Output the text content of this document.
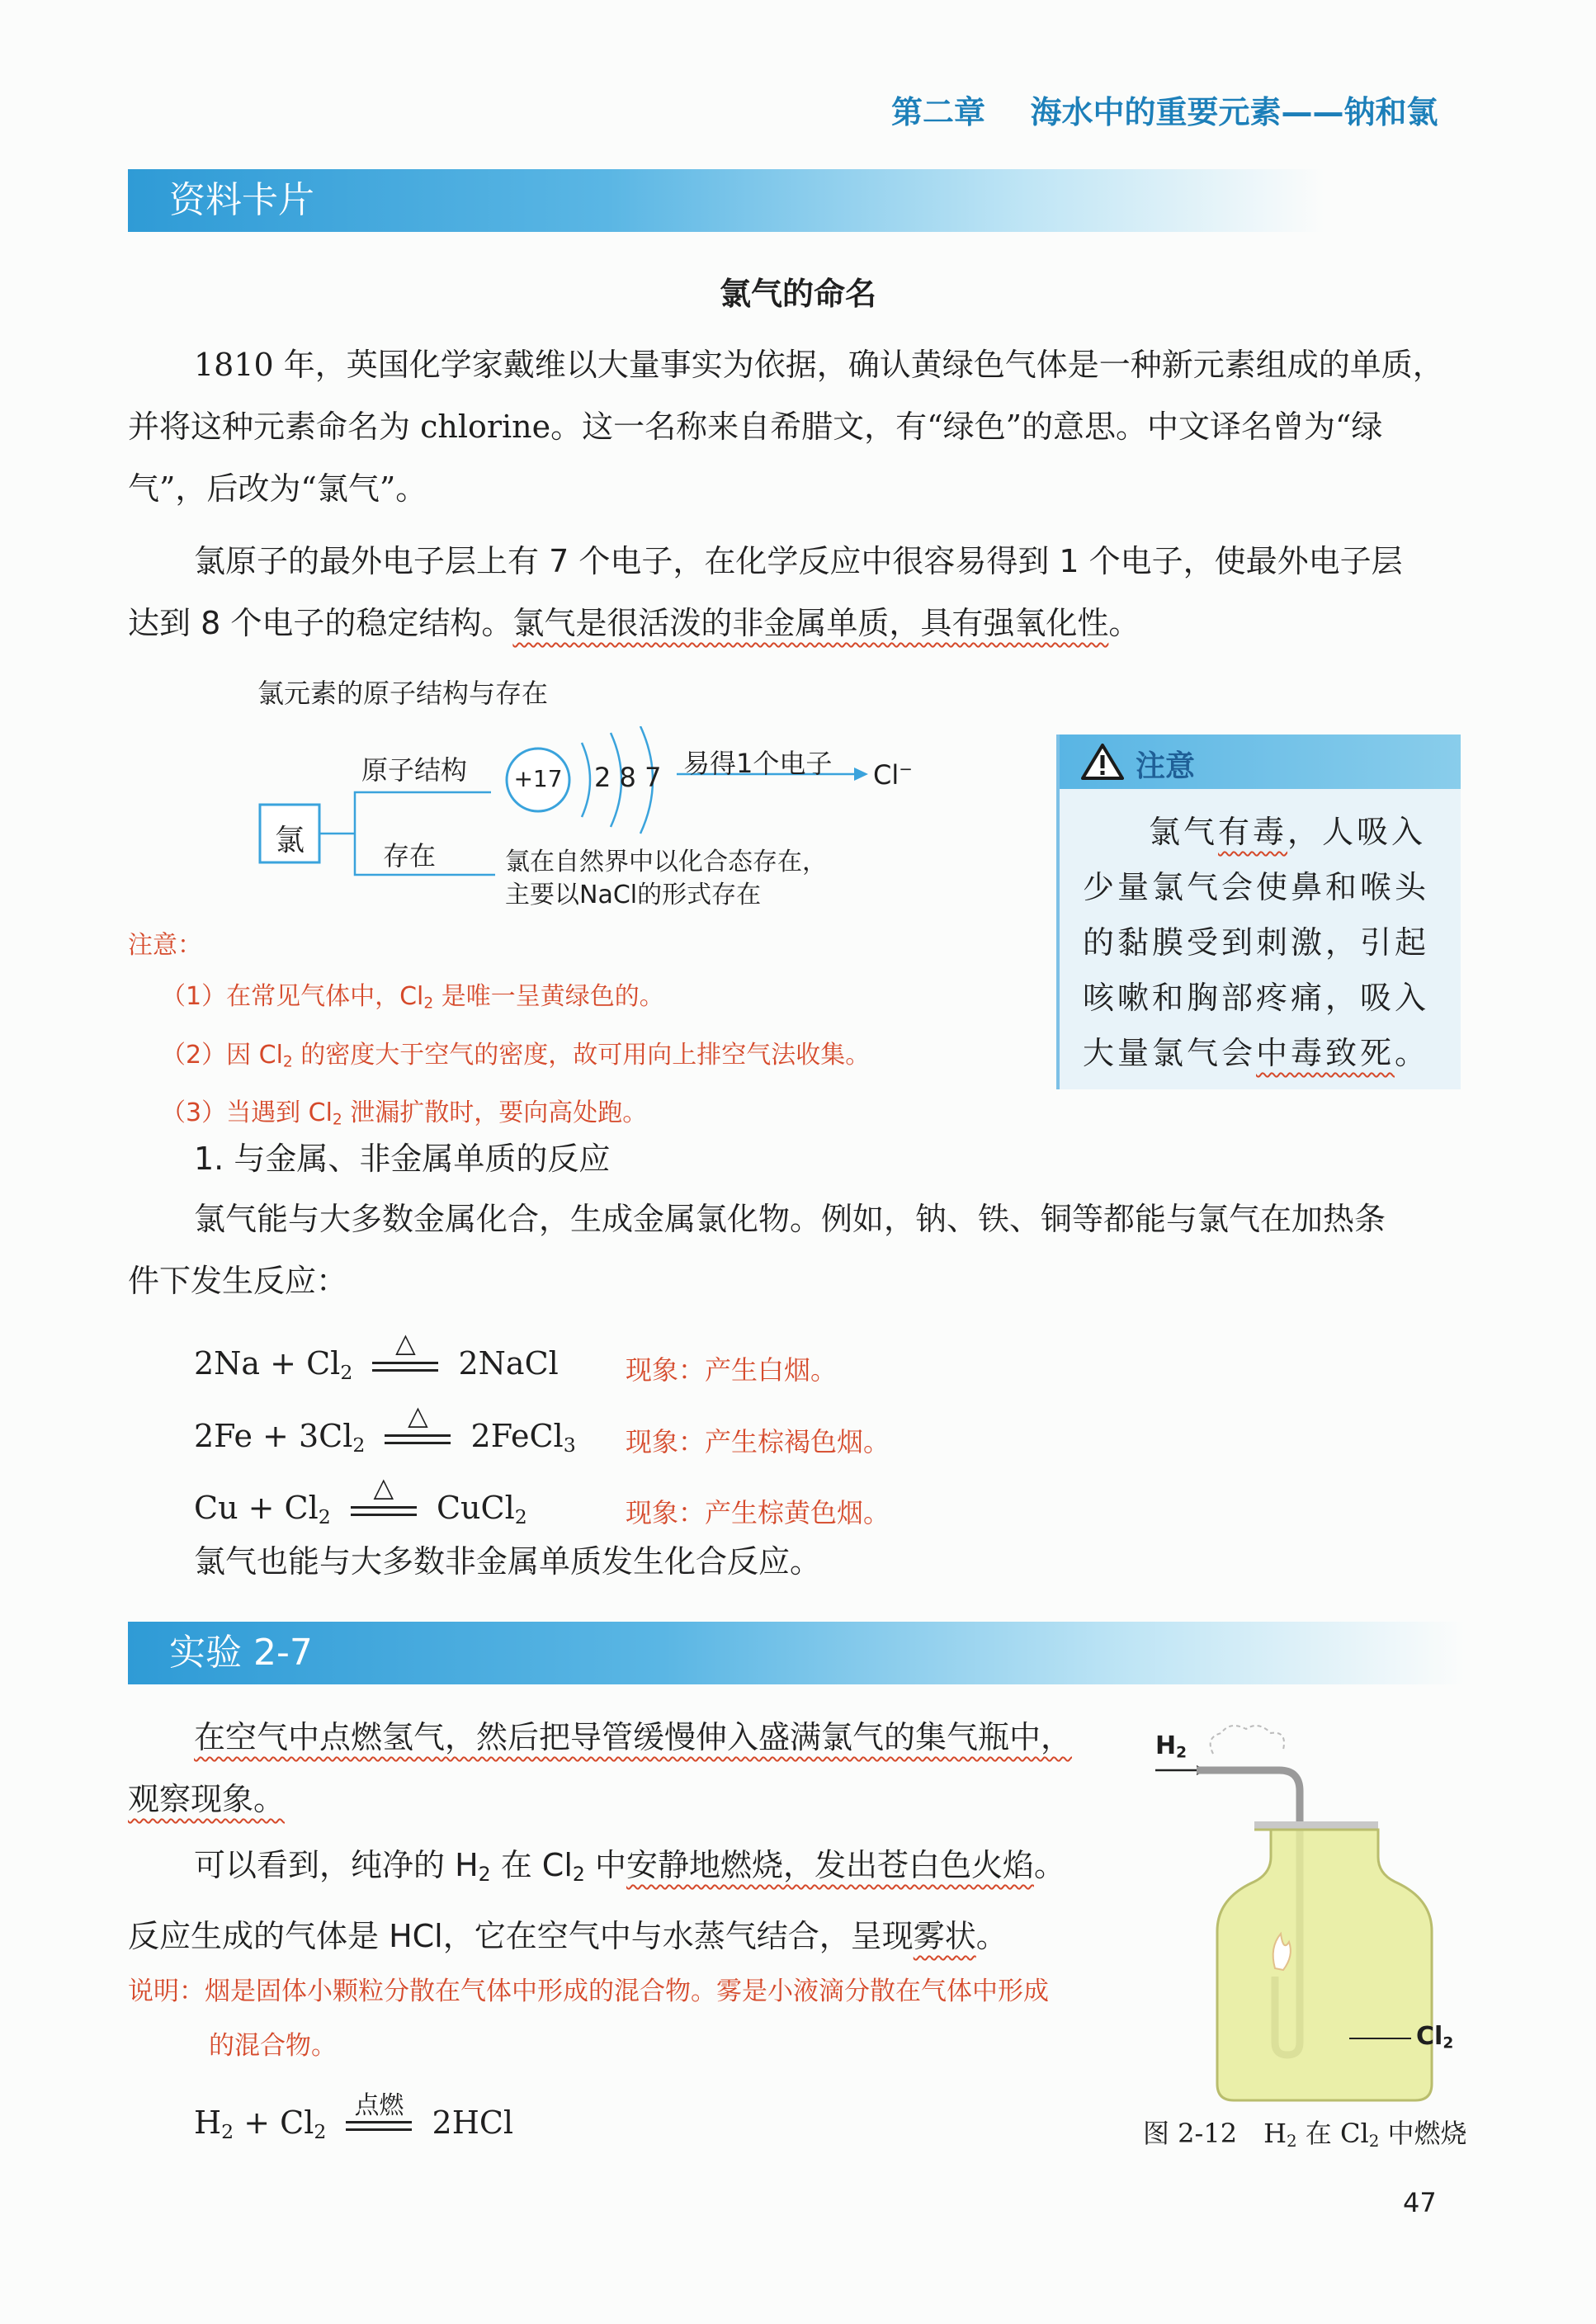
第二章 海水中的重要元素——钠和氯
资料卡片
氯气的命名
1810 年，英国化学家戴维以大量事实为依据，确认黄绿色气体是一种新元素组成的单质，
并将这种元素命名为 chlorine。这一名称来自希腊文，有“绿色”的意思。中文译名曾为“绿
气”，后改为“氯气”。
氯原子的最外电子层上有 7 个电子，在化学反应中很容易得到 1 个电子，使最外电子层
达到 8 个电子的稳定结构。氯气是很活泼的非金属单质，具有强氧化性。
氯元素的原子结构与存在
氯
原子结构
存在
+17	2 8 7 易得1个电子 Cl−
氯在自然界中以化合态存在，
主要以NaCl的形式存在
注意
氯气有毒，人吸入
少量氯气会使鼻和喉头
的黏膜受到刺激，引起
咳嗽和胸部疼痛，吸入
大量氯气会中毒致死。
注意：
（1）在常见气体中，$Cl_2$ 是唯一呈黄绿色的。
（2）因 $Cl_2$ 的密度大于空气的密度，故可用向上排空气法收集。
（3）当遇到 $Cl_2$ 泄漏扩散时，要向高处跑。
1. 与金属、非金属单质的反应
氯气能与大多数金属化合，生成金属氯化物。例如，钠、铁、铜等都能与氯气在加热条
件下发生反应：
$2Na + Cl_2$
△
2NaCl	现象：产生白烟。
$2Fe + 3Cl_2$
△
2FeCl$_3$ 现象：产生棕褐色烟。
$Cu + Cl_2$
△
CuCl$_2$	现象：产生棕黄色烟。
氯气也能与大多数非金属单质发生化合反应。
实验 2-7
在空气中点燃氢气，然后把导管缓慢伸入盛满氯气的集气瓶中，
观察现象。
可以看到，纯净的 $H_2$ 在 $Cl_2$ 中安静地燃烧，发出苍白色火焰。
反应生成的气体是 HCl，它在空气中与水蒸气结合，呈现雾状。
说明：烟是固体小颗粒分散在气体中形成的混合物。雾是小液滴分散在气体中形成
的混合物。
$H_2 + Cl_2$
点燃 2HCl
$H_2$
$Cl_2$
图 2-12　$H_2$ 在 $Cl_2$ 中燃烧
47
